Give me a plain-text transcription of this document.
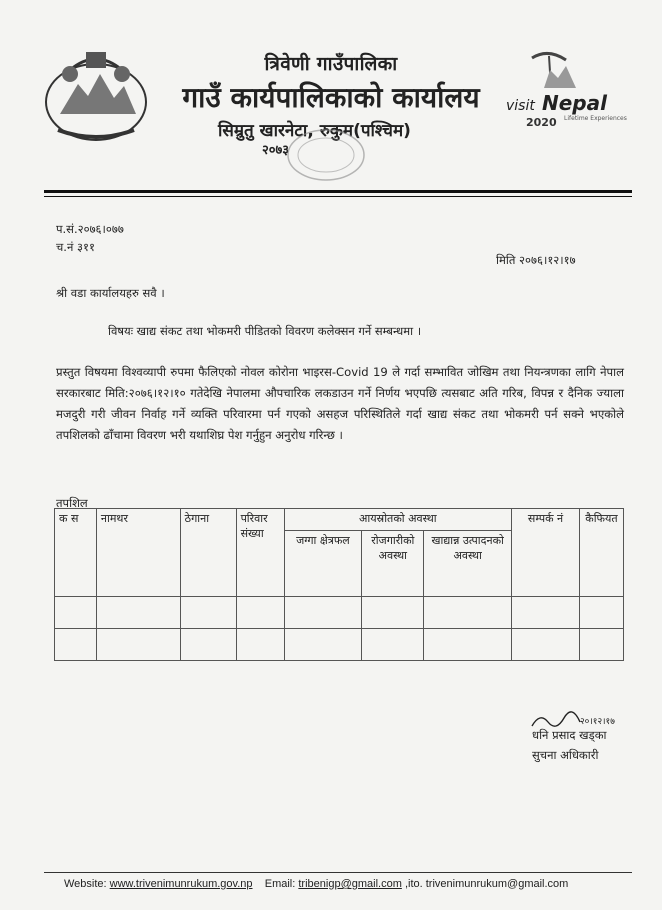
visit Nepal
2020 Lifetime Experiences
त्रिवेणी गाउँपालिका
गाउँ कार्यपालिकाको कार्यालय
सिम्रुतु खारनेटा, रुकुम(पश्चिम)
२०७३
प.सं.२०७६।०७७
च.नं ३११
मिति २०७६।१२।१७
श्री वडा कार्यालयहरु सवै ।
विषयः खाद्य संकट तथा भोकमरी पीडितको विवरण कलेक्सन गर्ने सम्बन्धमा ।
प्रस्तुत विषयमा विश्वव्यापी रुपमा फैलिएको नोवल कोरोना भाइरस-Covid 19 ले गर्दा सम्भावित जोखिम तथा नियन्त्रणका लागि नेपाल सरकारबाट मिति:२०७६।१२।१० गतेदेखि नेपालमा औपचारिक लकडाउन गर्ने निर्णय भएपछि त्यसबाट अति गरिब, विपन्न र दैनिक ज्याला मजदुरी गरी जीवन निर्वाह गर्ने व्यक्ति परिवारमा पर्न गएको असहज परिस्थितिले गर्दा खाद्य संकट तथा भोकमरी पर्न सक्ने भएकोले तपशिलको ढाँचामा विवरण भरी यथाशिघ्र पेश गर्नुहुन अनुरोध गरिन्छ ।
तपशिल
क स	नामथर	ठेगाना	परिवार संख्या	आयस्रोतको अवस्था			सम्पर्क नं	कैफियत
				जग्गा क्षेत्रफल	रोजगारीको अवस्था	खाद्यान्न उत्पादनको अवस्था		

२०।१२।१७
धनि प्रसाद खड्का
सुचना अधिकारी
Website: www.trivenimunrukum.gov.np Email: tribenigp@gmail.com ,ito. trivenimunrukum@gmail.com
